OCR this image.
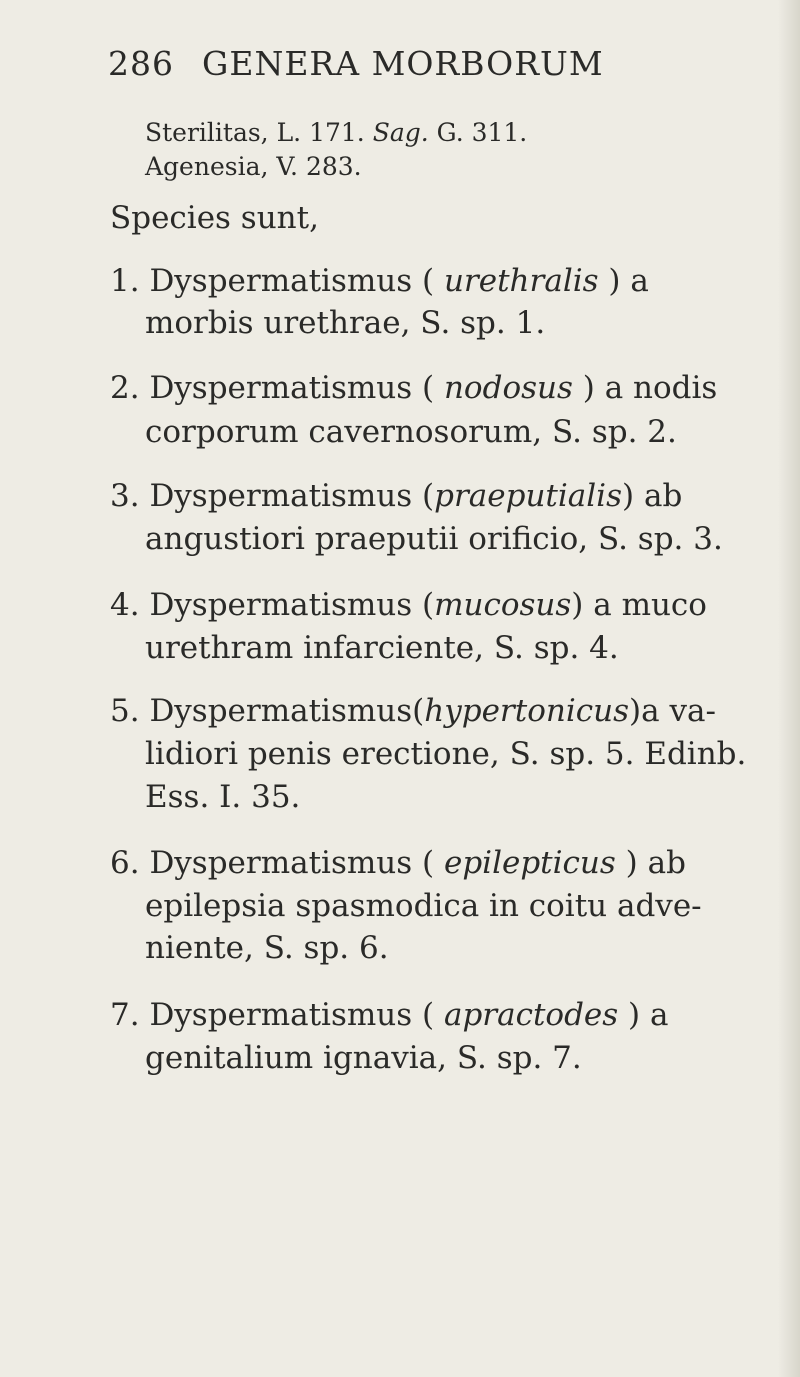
286 GENERA MORBORUM
Sterilitas, L. 171. Sag. G. 311.
Agenesia, V. 283.
Species sunt,
1. Dyspermatismus ( urethralis ) a
morbis urethrae, S. sp. 1.
2. Dyspermatismus ( nodosus ) a nodis
corporum cavernosorum, S. sp. 2.
3. Dyspermatismus (praeputialis) ab
angustiori praeputii orificio, S. sp. 3.
4. Dyspermatismus (mucosus) a muco
urethram infarciente, S. sp. 4.
5. Dyspermatismus(hypertonicus)a va-
lidiori penis erectione, S. sp. 5. Edinb.
Ess. I. 35.
6. Dyspermatismus ( epilepticus ) ab
epilepsia spasmodica in coitu adve-
niente, S. sp. 6.
7. Dyspermatismus ( apractodes ) a
genitalium ignavia, S. sp. 7.
